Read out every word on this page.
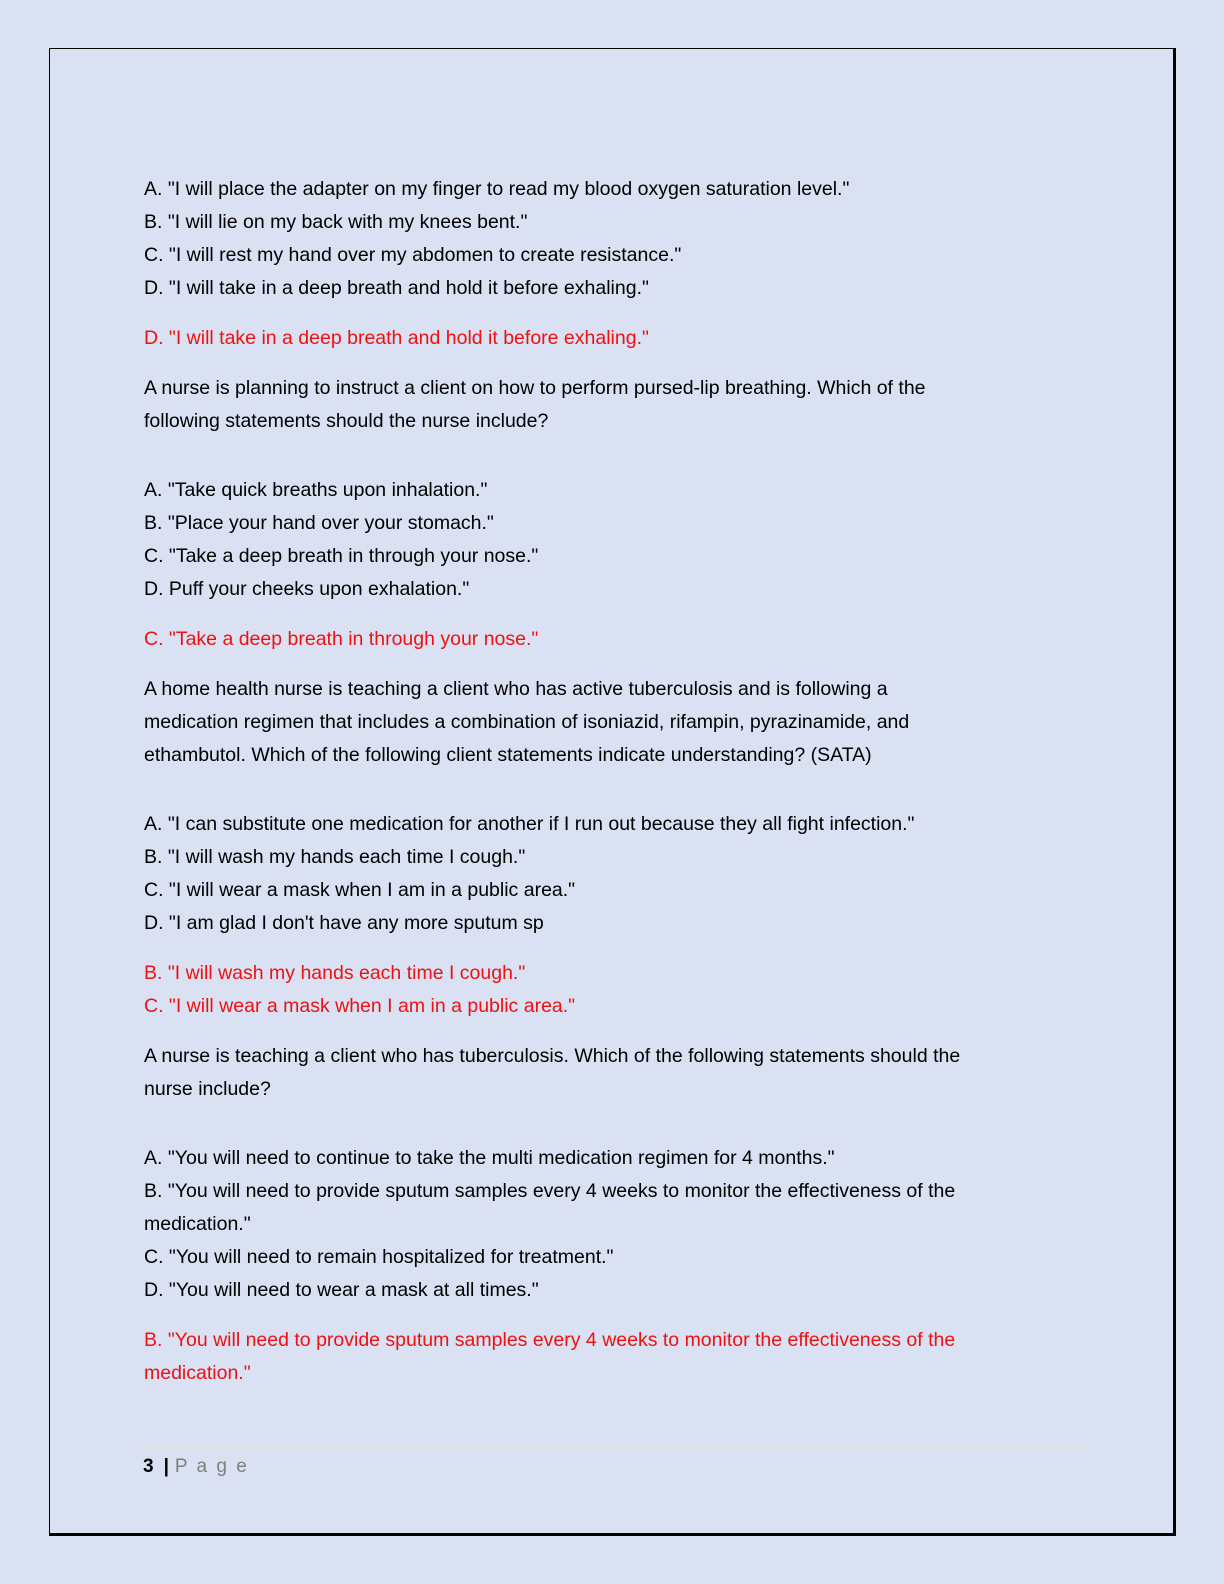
A. "I will place the adapter on my finger to read my blood oxygen saturation level."
B. "I will lie on my back with my knees bent."
C. "I will rest my hand over my abdomen to create resistance."
D. "I will take in a deep breath and hold it before exhaling."
D. "I will take in a deep breath and hold it before exhaling."
A nurse is planning to instruct a client on how to perform pursed-lip breathing. Which of the
following statements should the nurse include?
A. "Take quick breaths upon inhalation."
B. "Place your hand over your stomach."
C. "Take a deep breath in through your nose."
D. Puff your cheeks upon exhalation."
C. "Take a deep breath in through your nose."
A home health nurse is teaching a client who has active tuberculosis and is following a
medication regimen that includes a combination of isoniazid, rifampin, pyrazinamide, and
ethambutol. Which of the following client statements indicate understanding? (SATA)
A. "I can substitute one medication for another if I run out because they all fight infection."
B. "I will wash my hands each time I cough."
C. "I will wear a mask when I am in a public area."
D. "I am glad I don't have any more sputum sp
B. "I will wash my hands each time I cough."
C. "I will wear a mask when I am in a public area."
A nurse is teaching a client who has tuberculosis. Which of the following statements should the
nurse include?
A. "You will need to continue to take the multi medication regimen for 4 months."
B. "You will need to provide sputum samples every 4 weeks to monitor the effectiveness of the
medication."
C. "You will need to remain hospitalized for treatment."
D. "You will need to wear a mask at all times."
B. "You will need to provide sputum samples every 4 weeks to monitor the effectiveness of the
medication."
3 | P a g e
